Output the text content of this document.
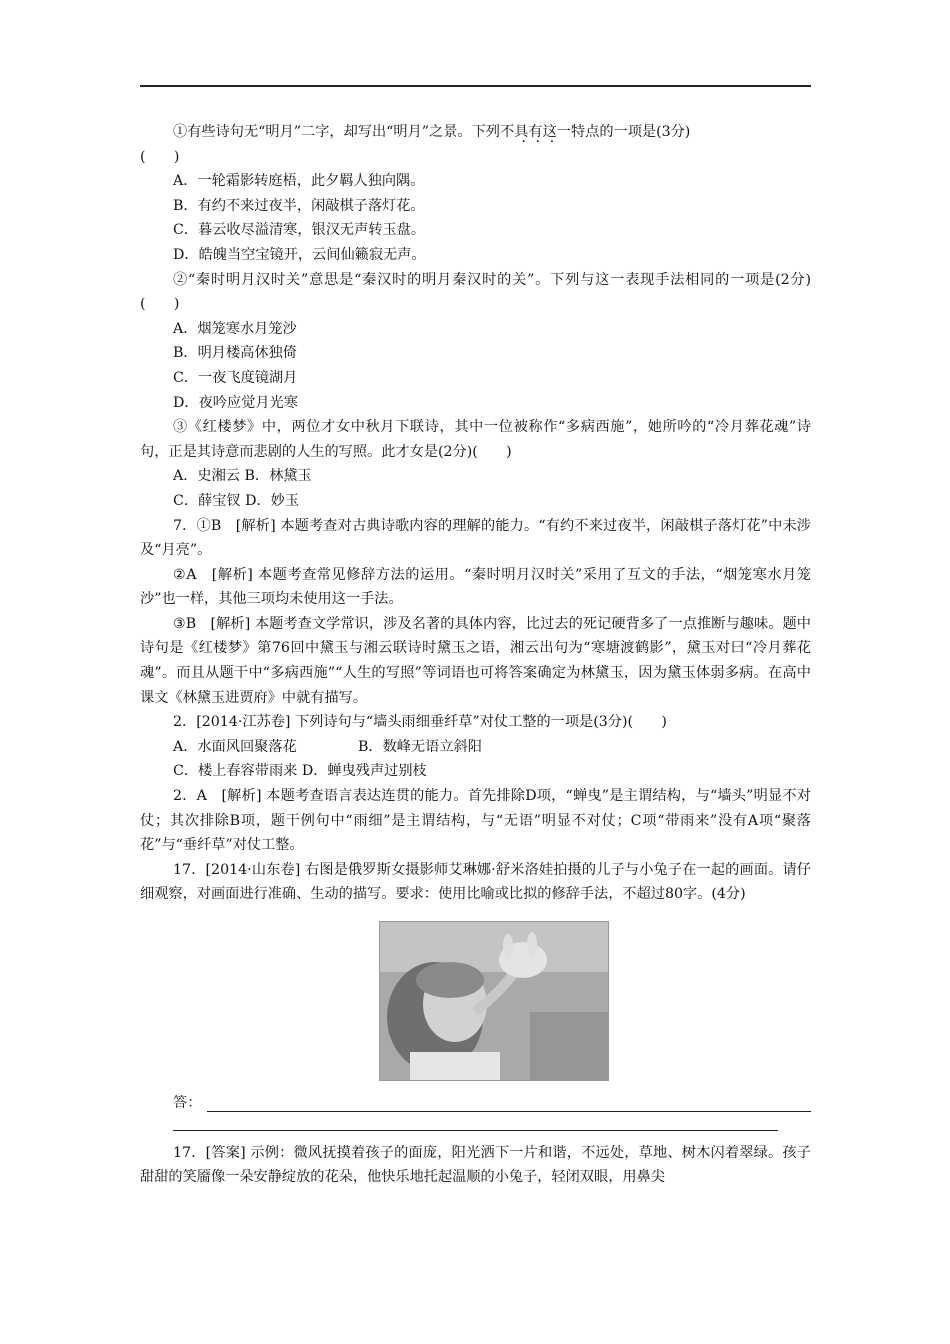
①有些诗句无“明月”二字，却写出“明月”之景。下列不具有这一特点的一项是(3分)
(　　)

A．一轮霜影转庭梧，此夕羁人独向隅。

B．有约不来过夜半，闲敲棋子落灯花。

C．暮云收尽溢清寒，银汉无声转玉盘。

D．皓魄当空宝镜开，云间仙籁寂无声。

②“秦时明月汉时关”意思是“秦汉时的明月秦汉时的关”。下列与这一表现手法相同的一项是(2分)(　　)

A．烟笼寒水月笼沙

B．明月楼高休独倚

C．一夜飞度镜湖月

D．夜吟应觉月光寒

③《红楼梦》中，两位才女中秋月下联诗，其中一位被称作“多病西施”，她所吟的“冷月葬花魂”诗句，正是其诗意而悲剧的人生的写照。此才女是(2分)(　　)

A．史湘云 B．林黛玉

C．薛宝钗 D．妙玉

7．①B　[解析] 本题考查对古典诗歌内容的理解的能力。“有约不来过夜半，闲敲棋子落灯花”中未涉及“月亮”。

②A　[解析] 本题考查常见修辞方法的运用。“秦时明月汉时关”采用了互文的手法，“烟笼寒水月笼沙”也一样，其他三项均未使用这一手法。

③B　[解析] 本题考查文学常识，涉及名著的具体内容，比过去的死记硬背多了一点推断与趣味。题中诗句是《红楼梦》第76回中黛玉与湘云联诗时黛玉之语，湘云出句为“寒塘渡鹤影”，黛玉对曰“冷月葬花魂”。而且从题干中“多病西施”“人生的写照”等词语也可将答案确定为林黛玉，因为黛玉体弱多病。在高中课文《林黛玉进贾府》中就有描写。

2．[2014·江苏卷] 下列诗句与“墙头雨细垂纤草”对仗工整的一项是(3分)(　　)

A．水面风回聚落花	B．数峰无语立斜阳

C．楼上春容带雨来 D．蝉曳残声过别枝

2．A　[解析] 本题考查语言表达连贯的能力。首先排除D项，“蝉曳”是主谓结构，与“墙头”明显不对仗；其次排除B项，题干例句中“雨细”是主谓结构，与“无语”明显不对仗；C项“带雨来”没有A项“聚落花”与“垂纤草”对仗工整。

17．[2014·山东卷] 右图是俄罗斯女摄影师艾琳娜·舒米洛娃拍摄的儿子与小兔子在一起的画面。请仔细观察，对画面进行准确、生动的描写。要求：使用比喻或比拟的修辞手法，不超过80字。(4分)

答：

17．[答案] 示例：微风抚摸着孩子的面庞，阳光洒下一片和谐，不远处，草地、树木闪着翠绿。孩子甜甜的笑靥像一朵安静绽放的花朵，他快乐地托起温顺的小兔子，轻闭双眼，用鼻尖
